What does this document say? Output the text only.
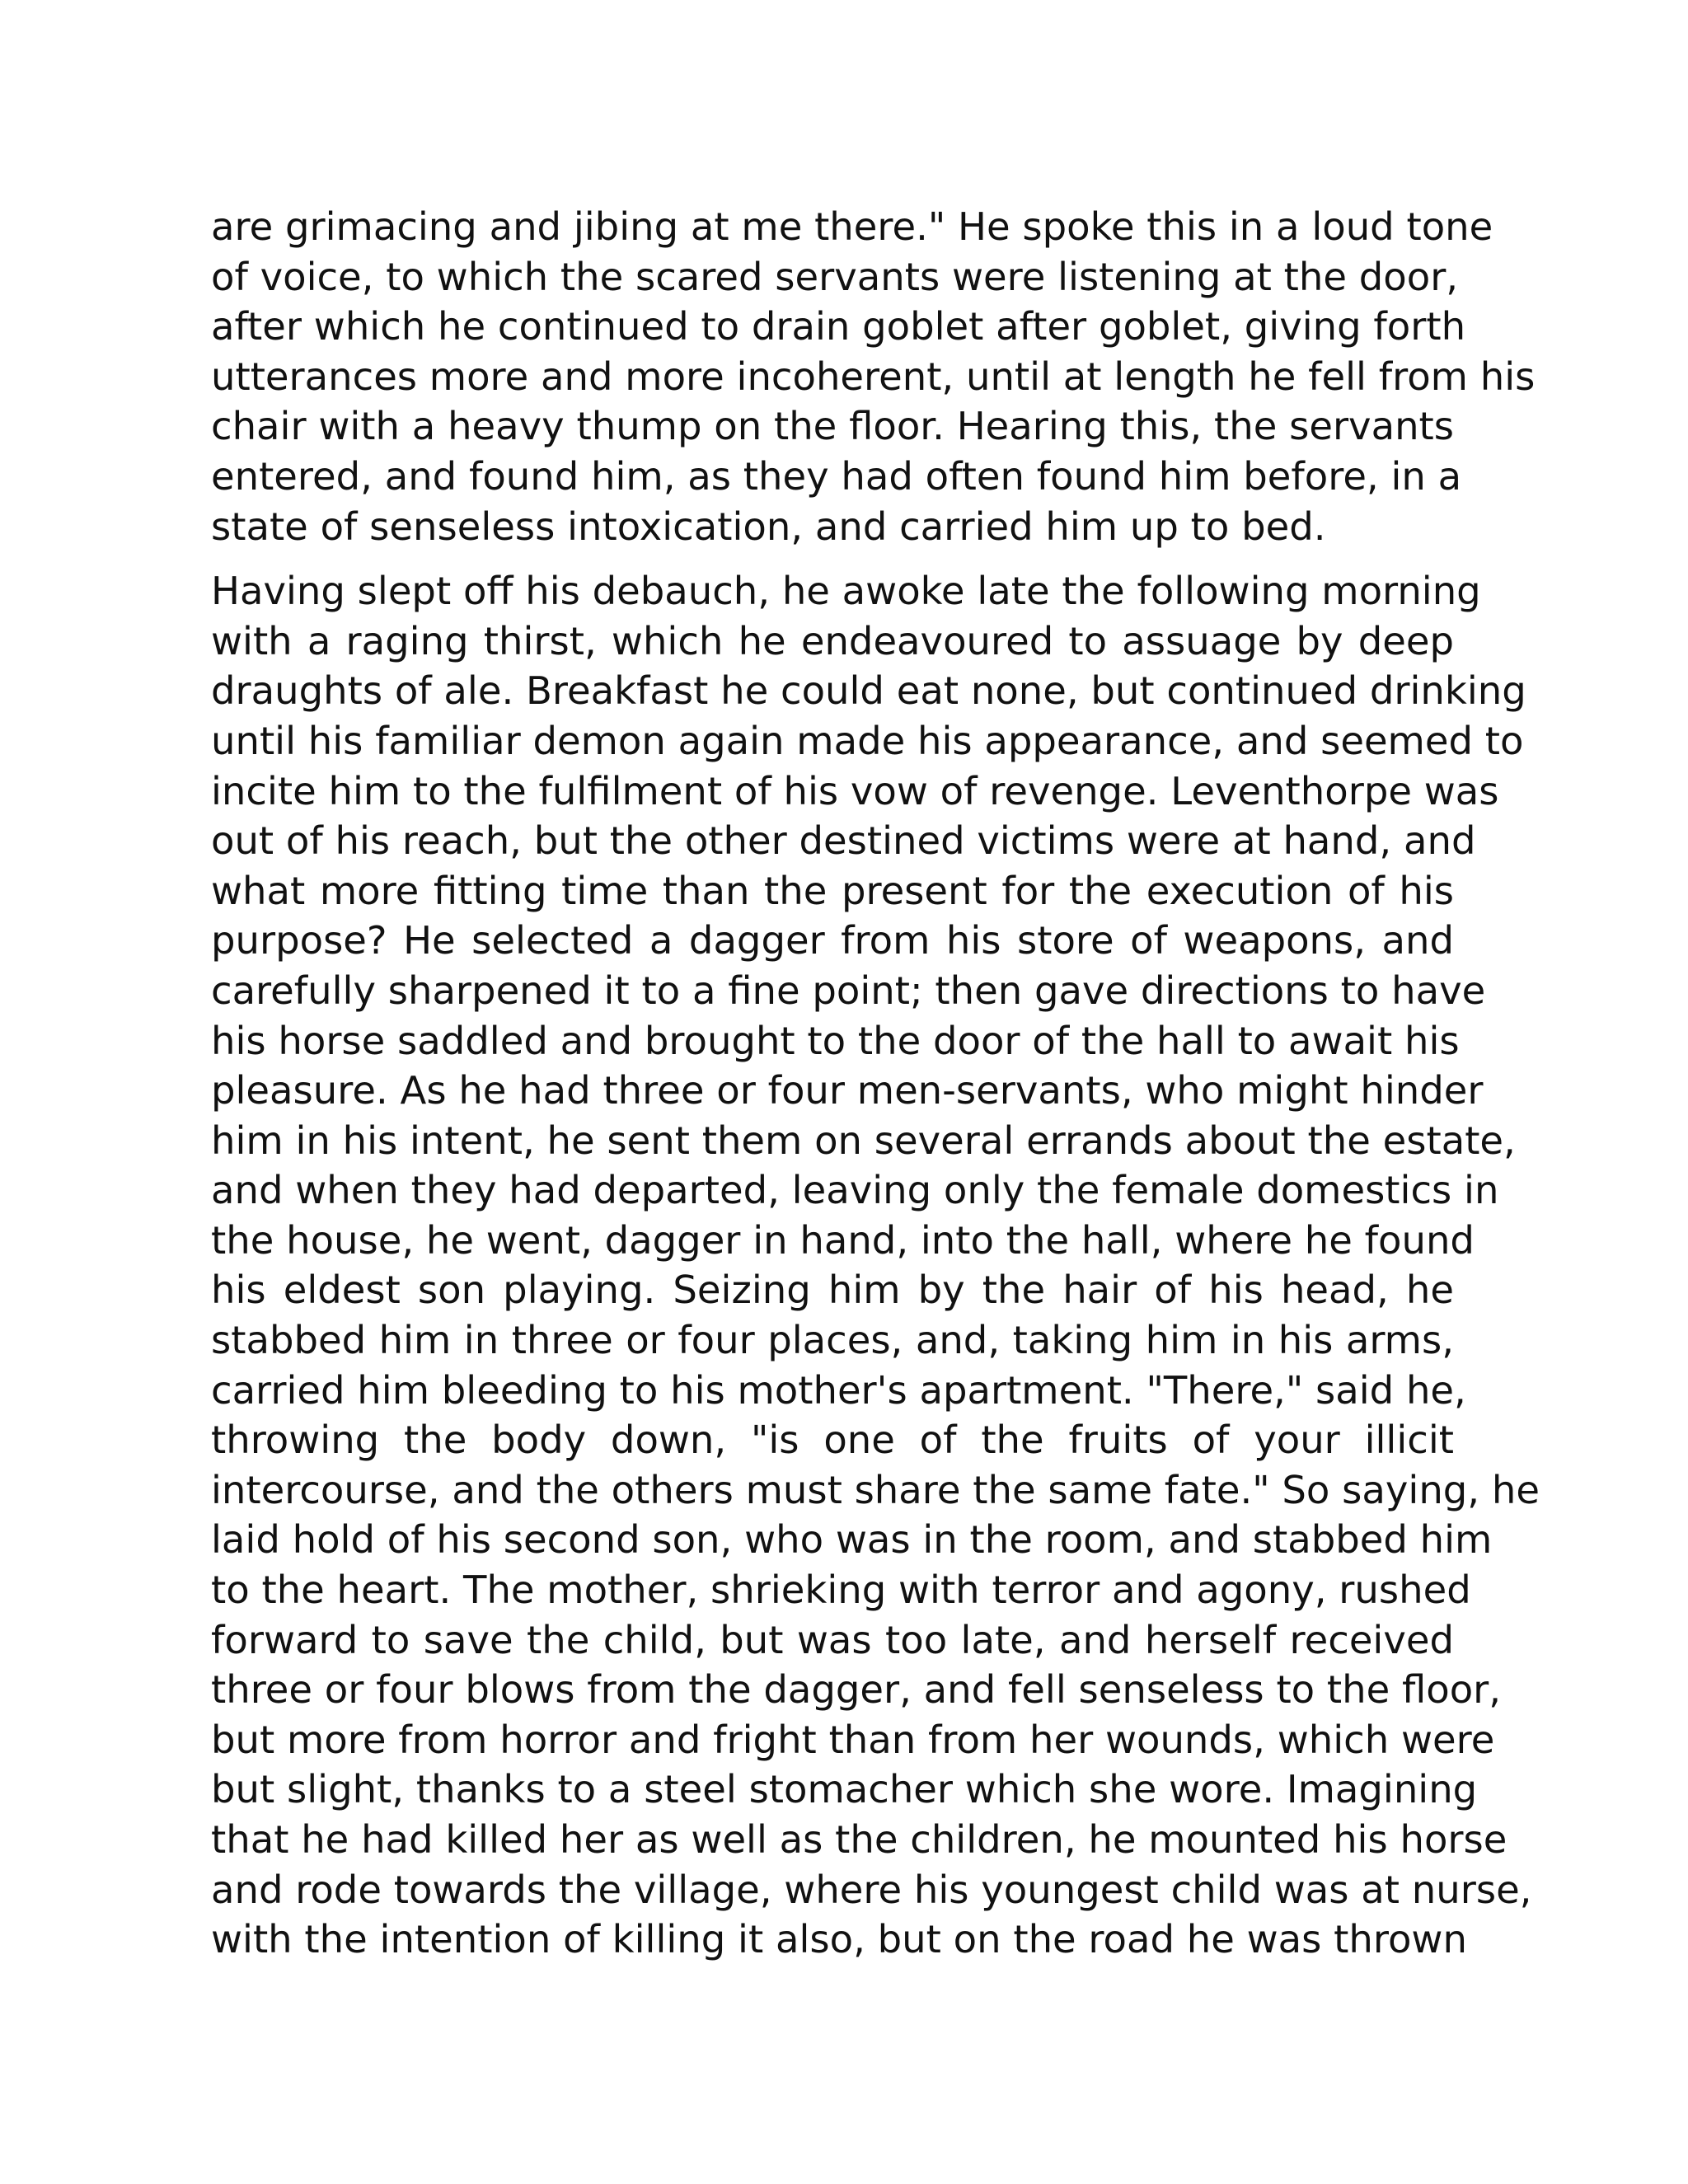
are grimacing and jibing at me there." He spoke this in a loud tone
of voice, to which the scared servants were listening at the door,
after which he continued to drain goblet after goblet, giving forth
utterances more and more incoherent, until at length he fell from his
chair with a heavy thump on the floor. Hearing this, the servants
entered, and found him, as they had often found him before, in a
state of senseless intoxication, and carried him up to bed.

Having slept off his debauch, he awoke late the following morning
with a raging thirst, which he endeavoured to assuage by deep
draughts of ale. Breakfast he could eat none, but continued drinking
until his familiar demon again made his appearance, and seemed to
incite him to the fulfilment of his vow of revenge. Leventhorpe was
out of his reach, but the other destined victims were at hand, and
what more fitting time than the present for the execution of his
purpose? He selected a dagger from his store of weapons, and
carefully sharpened it to a fine point; then gave directions to have
his horse saddled and brought to the door of the hall to await his
pleasure. As he had three or four men-servants, who might hinder
him in his intent, he sent them on several errands about the estate,
and when they had departed, leaving only the female domestics in
the house, he went, dagger in hand, into the hall, where he found
his eldest son playing. Seizing him by the hair of his head, he
stabbed him in three or four places, and, taking him in his arms,
carried him bleeding to his mother's apartment. "There," said he,
throwing the body down, "is one of the fruits of your illicit
intercourse, and the others must share the same fate." So saying, he
laid hold of his second son, who was in the room, and stabbed him
to the heart. The mother, shrieking with terror and agony, rushed
forward to save the child, but was too late, and herself received
three or four blows from the dagger, and fell senseless to the floor,
but more from horror and fright than from her wounds, which were
but slight, thanks to a steel stomacher which she wore. Imagining
that he had killed her as well as the children, he mounted his horse
and rode towards the village, where his youngest child was at nurse,
with the intention of killing it also, but on the road he was thrown
